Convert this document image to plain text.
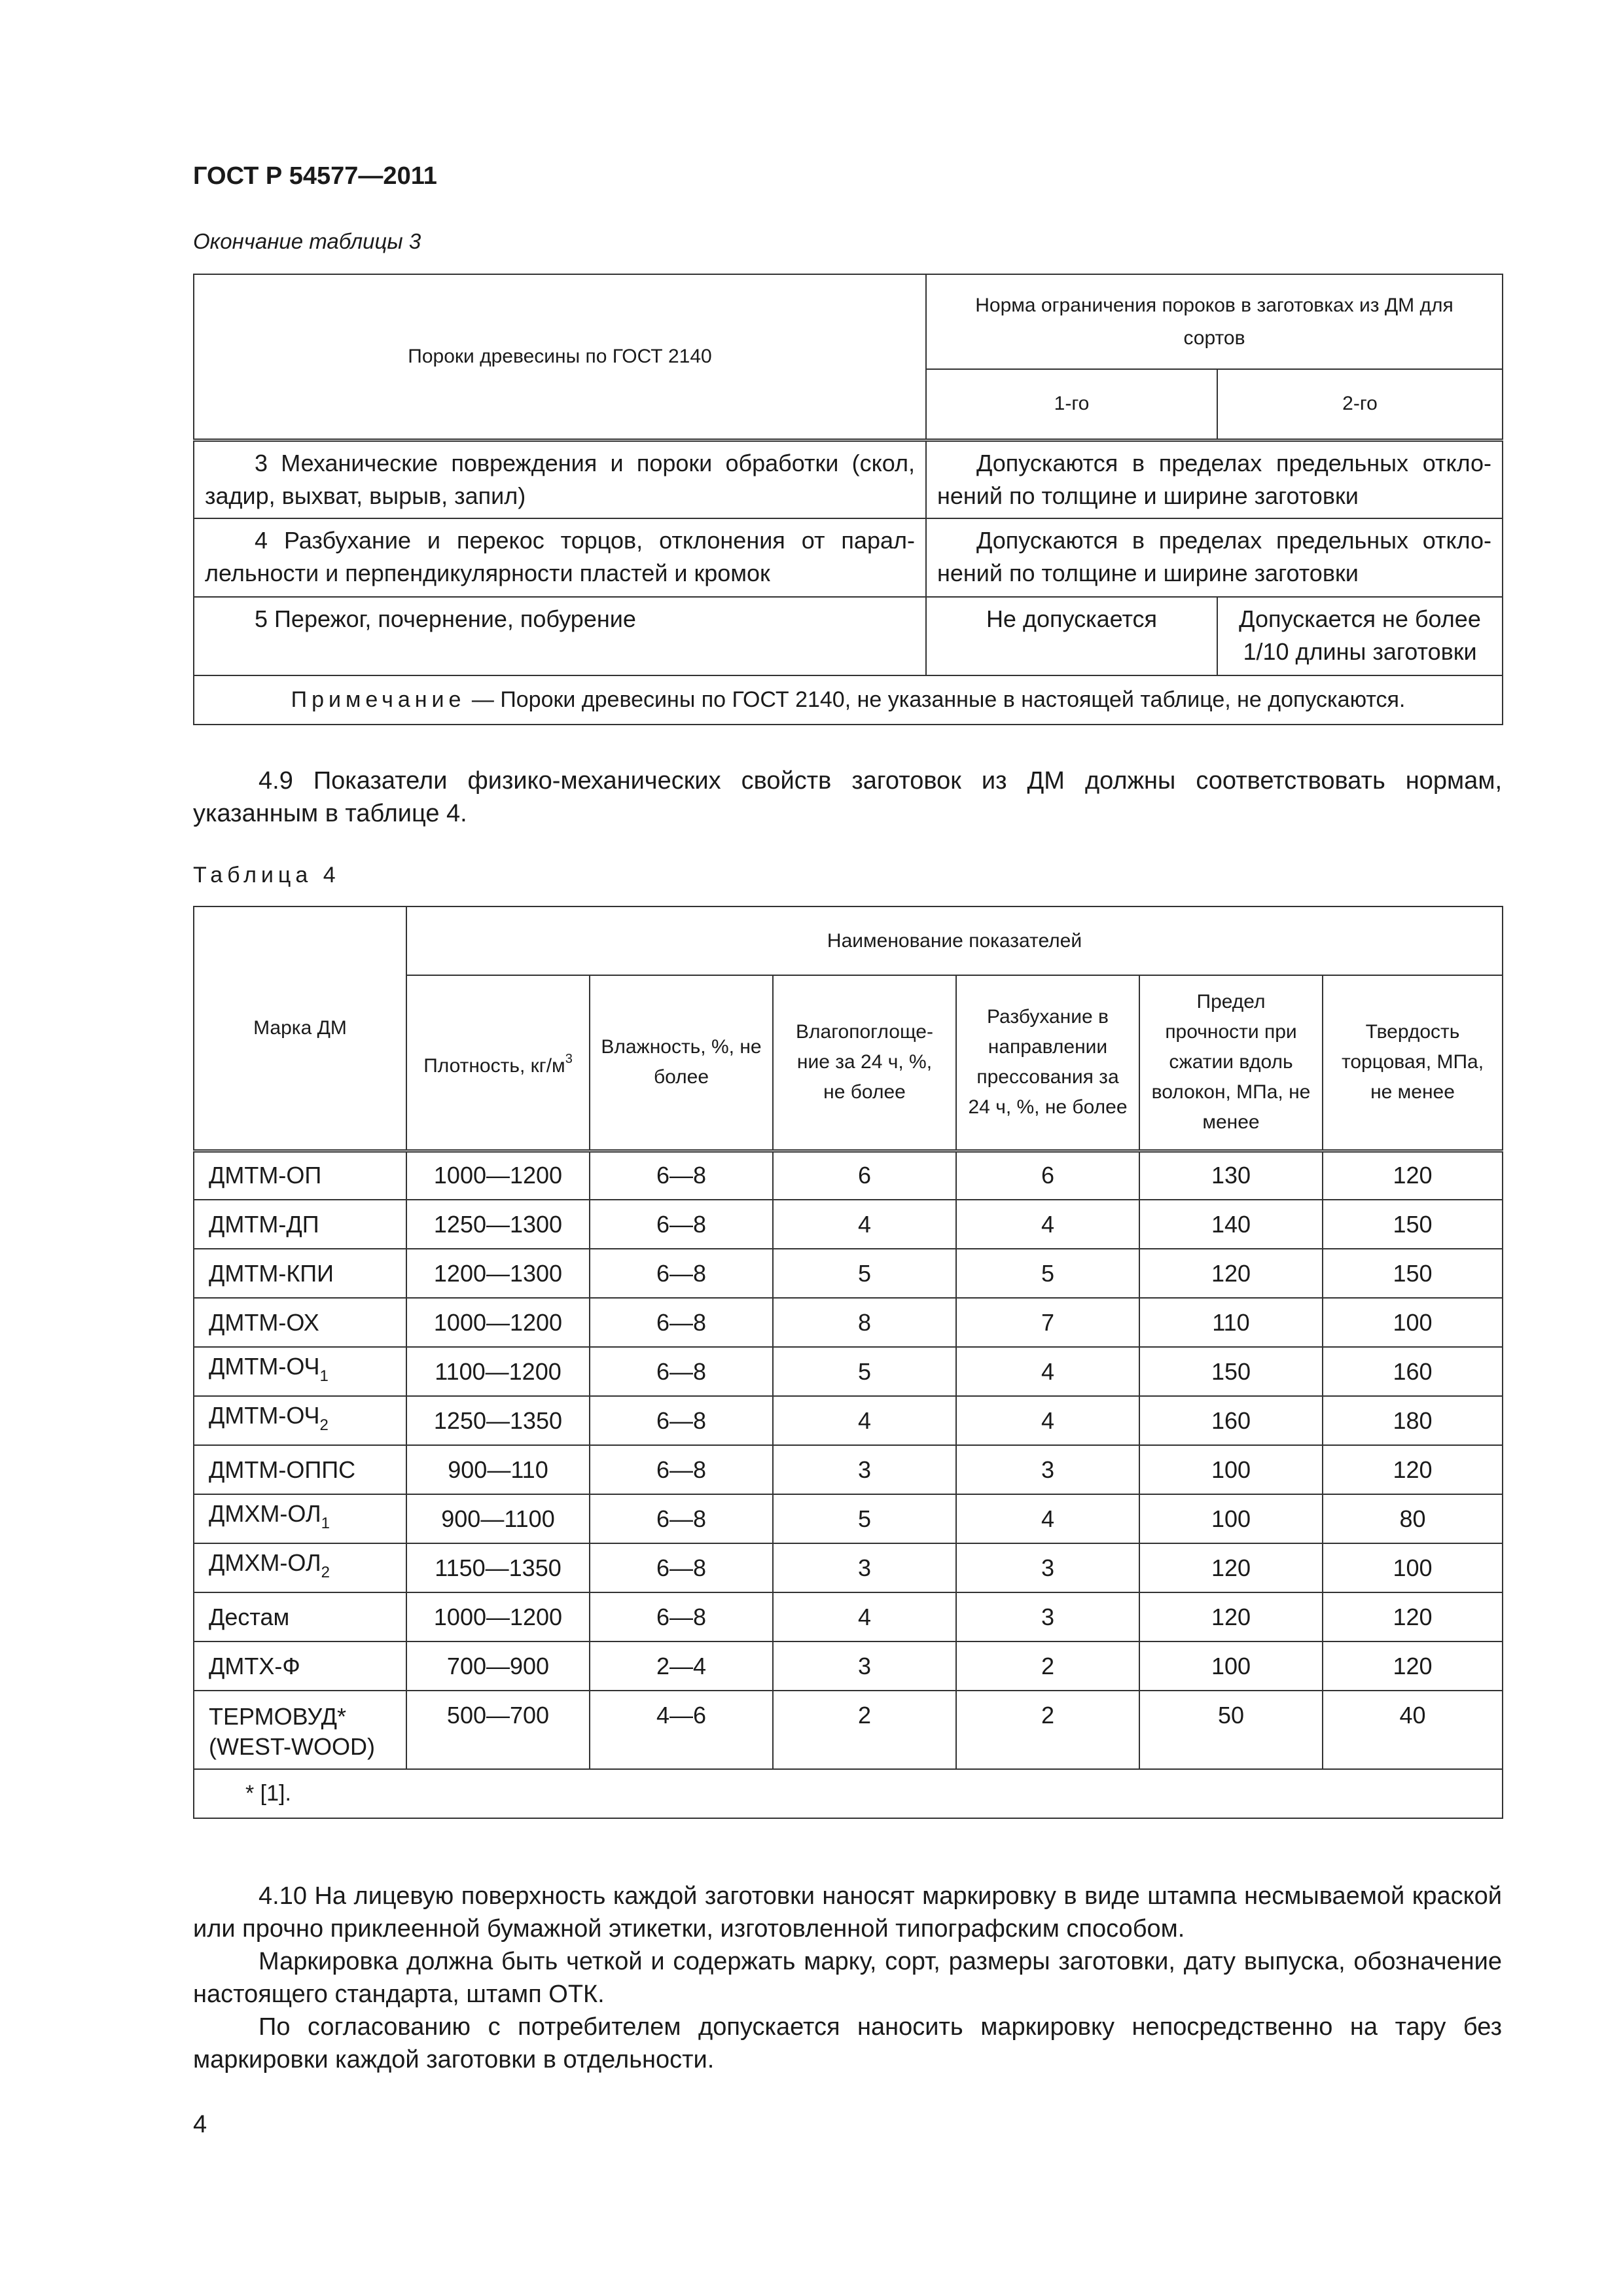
ГОСТ Р 54577—2011
Окончание таблицы 3
Пороки древесины по ГОСТ 2140	Норма ограничения пороков в заготовках из ДМ для сортов	
	1-го	2-го
3 Механические повреждения и пороки обработки (скол, задир, выхват, вырыв, запил)	Допускаются в пределах предельных откло-нений по толщине и ширине заготовки	
4 Разбухание и перекос торцов, отклонения от парал-лельности и перпендикулярности пластей и кромок	Допускаются в пределах предельных откло-нений по толщине и ширине заготовки	
5 Пережог, почернение, побурение	Не допускается	Допускается не более 1/10 длины заготовки
Примечание — Пороки древесины по ГОСТ 2140, не указанные в настоящей таблице, не допускаются.		
4.9 Показатели физико-механических свойств заготовок из ДМ должны соответствовать нормам, указанным в таблице 4.
Таблица 4
Марка ДМ	Наименование показателей					
	Плотность, $кг/м^3$	Влажность, %, не более	Влагопоглоще-ние за 24 ч, %, не более	Разбухание в направлении прессования за 24 ч, %, не более	Предел прочности при сжатии вдоль волокон, МПа, не менее	Твердость торцовая, МПа, не менее
ДМТМ-ОП	1000—1200	6—8	6	6	130	120
ДМТМ-ДП	1250—1300	6—8	4	4	140	150
ДМТМ-КПИ	1200—1300	6—8	5	5	120	150
ДМТМ-ОХ	1000—1200	6—8	8	7	110	100
ДМТМ-$ОЧ_1$	1100—1200	6—8	5	4	150	160
ДМТМ-$ОЧ_2$	1250—1350	6—8	4	4	160	180
ДМТМ-ОППС	900—110	6—8	3	3	100	120
ДМХМ-$ОЛ_1$	900—1100	6—8	5	4	100	80
ДМХМ-$ОЛ_2$	1150—1350	6—8	3	3	120	100
Дестам	1000—1200	6—8	4	3	120	120
ДМТХ-Ф	700—900	2—4	3	2	100	120
ТЕРМОВУД* (WEST-WOOD)	500—700	4—6	2	2	50	40
* [1].						
4.10 На лицевую поверхность каждой заготовки наносят маркировку в виде штампа несмываемой краской или прочно приклеенной бумажной этикетки, изготовленной типографским способом.
Маркировка должна быть четкой и содержать марку, сорт, размеры заготовки, дату выпуска, обозначение настоящего стандарта, штамп ОТК.
По согласованию с потребителем допускается наносить маркировку непосредственно на тару без маркировки каждой заготовки в отдельности.
4
